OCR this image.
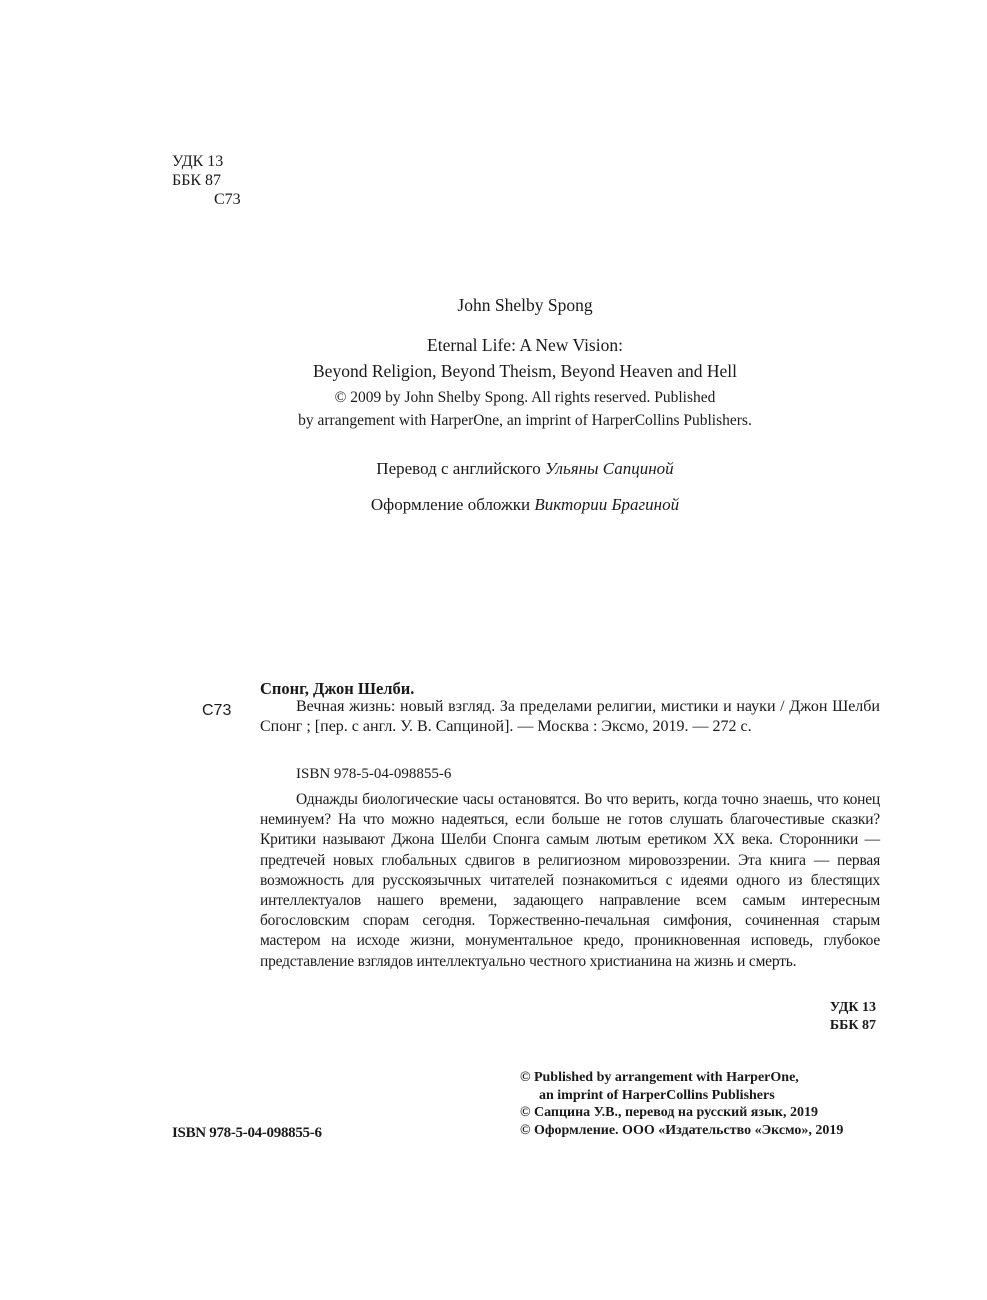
УДК 13
ББК 87
С73
John Shelby Spong
Eternal Life: A New Vision:
Beyond Religion, Beyond Theism, Beyond Heaven and Hell
© 2009 by John Shelby Spong. All rights reserved. Published
by arrangement with HarperOne, an imprint of HarperCollins Publishers.
Перевод с английского Ульяны Сапциной
Оформление обложки Виктории Брагиной
Спонг, Джон Шелби.
С73	Вечная жизнь: новый взгляд. За пределами религии, мистики и науки / Джон Шелби Спонг ; [пер. с англ. У. В. Сапциной]. — Москва : Эксмо, 2019. — 272 с.
ISBN 978-5-04-098855-6
Однажды биологические часы остановятся. Во что верить, когда точно знаешь, что конец неминуем? На что можно надеяться, если больше не готов слушать благочестивые сказки? Критики называют Джона Шелби Спонга самым лютым еретиком XX века. Сторонники — предтечей новых глобальных сдвигов в религиозном мировоззрении. Эта книга — первая возможность для русскоязычных читателей познакомиться с идеями одного из блестящих интеллектуалов нашего времени, задающего направление всем самым интересным богословским спорам сегодня. Торжественно-печальная симфония, сочиненная старым мастером на исходе жизни, монументальное кредо, проникновенная исповедь, глубокое представление взглядов интеллектуально честного христианина на жизнь и смерть.
УДК 13
ББК 87
ISBN 978-5-04-098855-6
© Published by arrangement with HarperOne,
an imprint of HarperCollins Publishers
© Сапцина У.В., перевод на русский язык, 2019
© Оформление. ООО «Издательство «Эксмо», 2019
